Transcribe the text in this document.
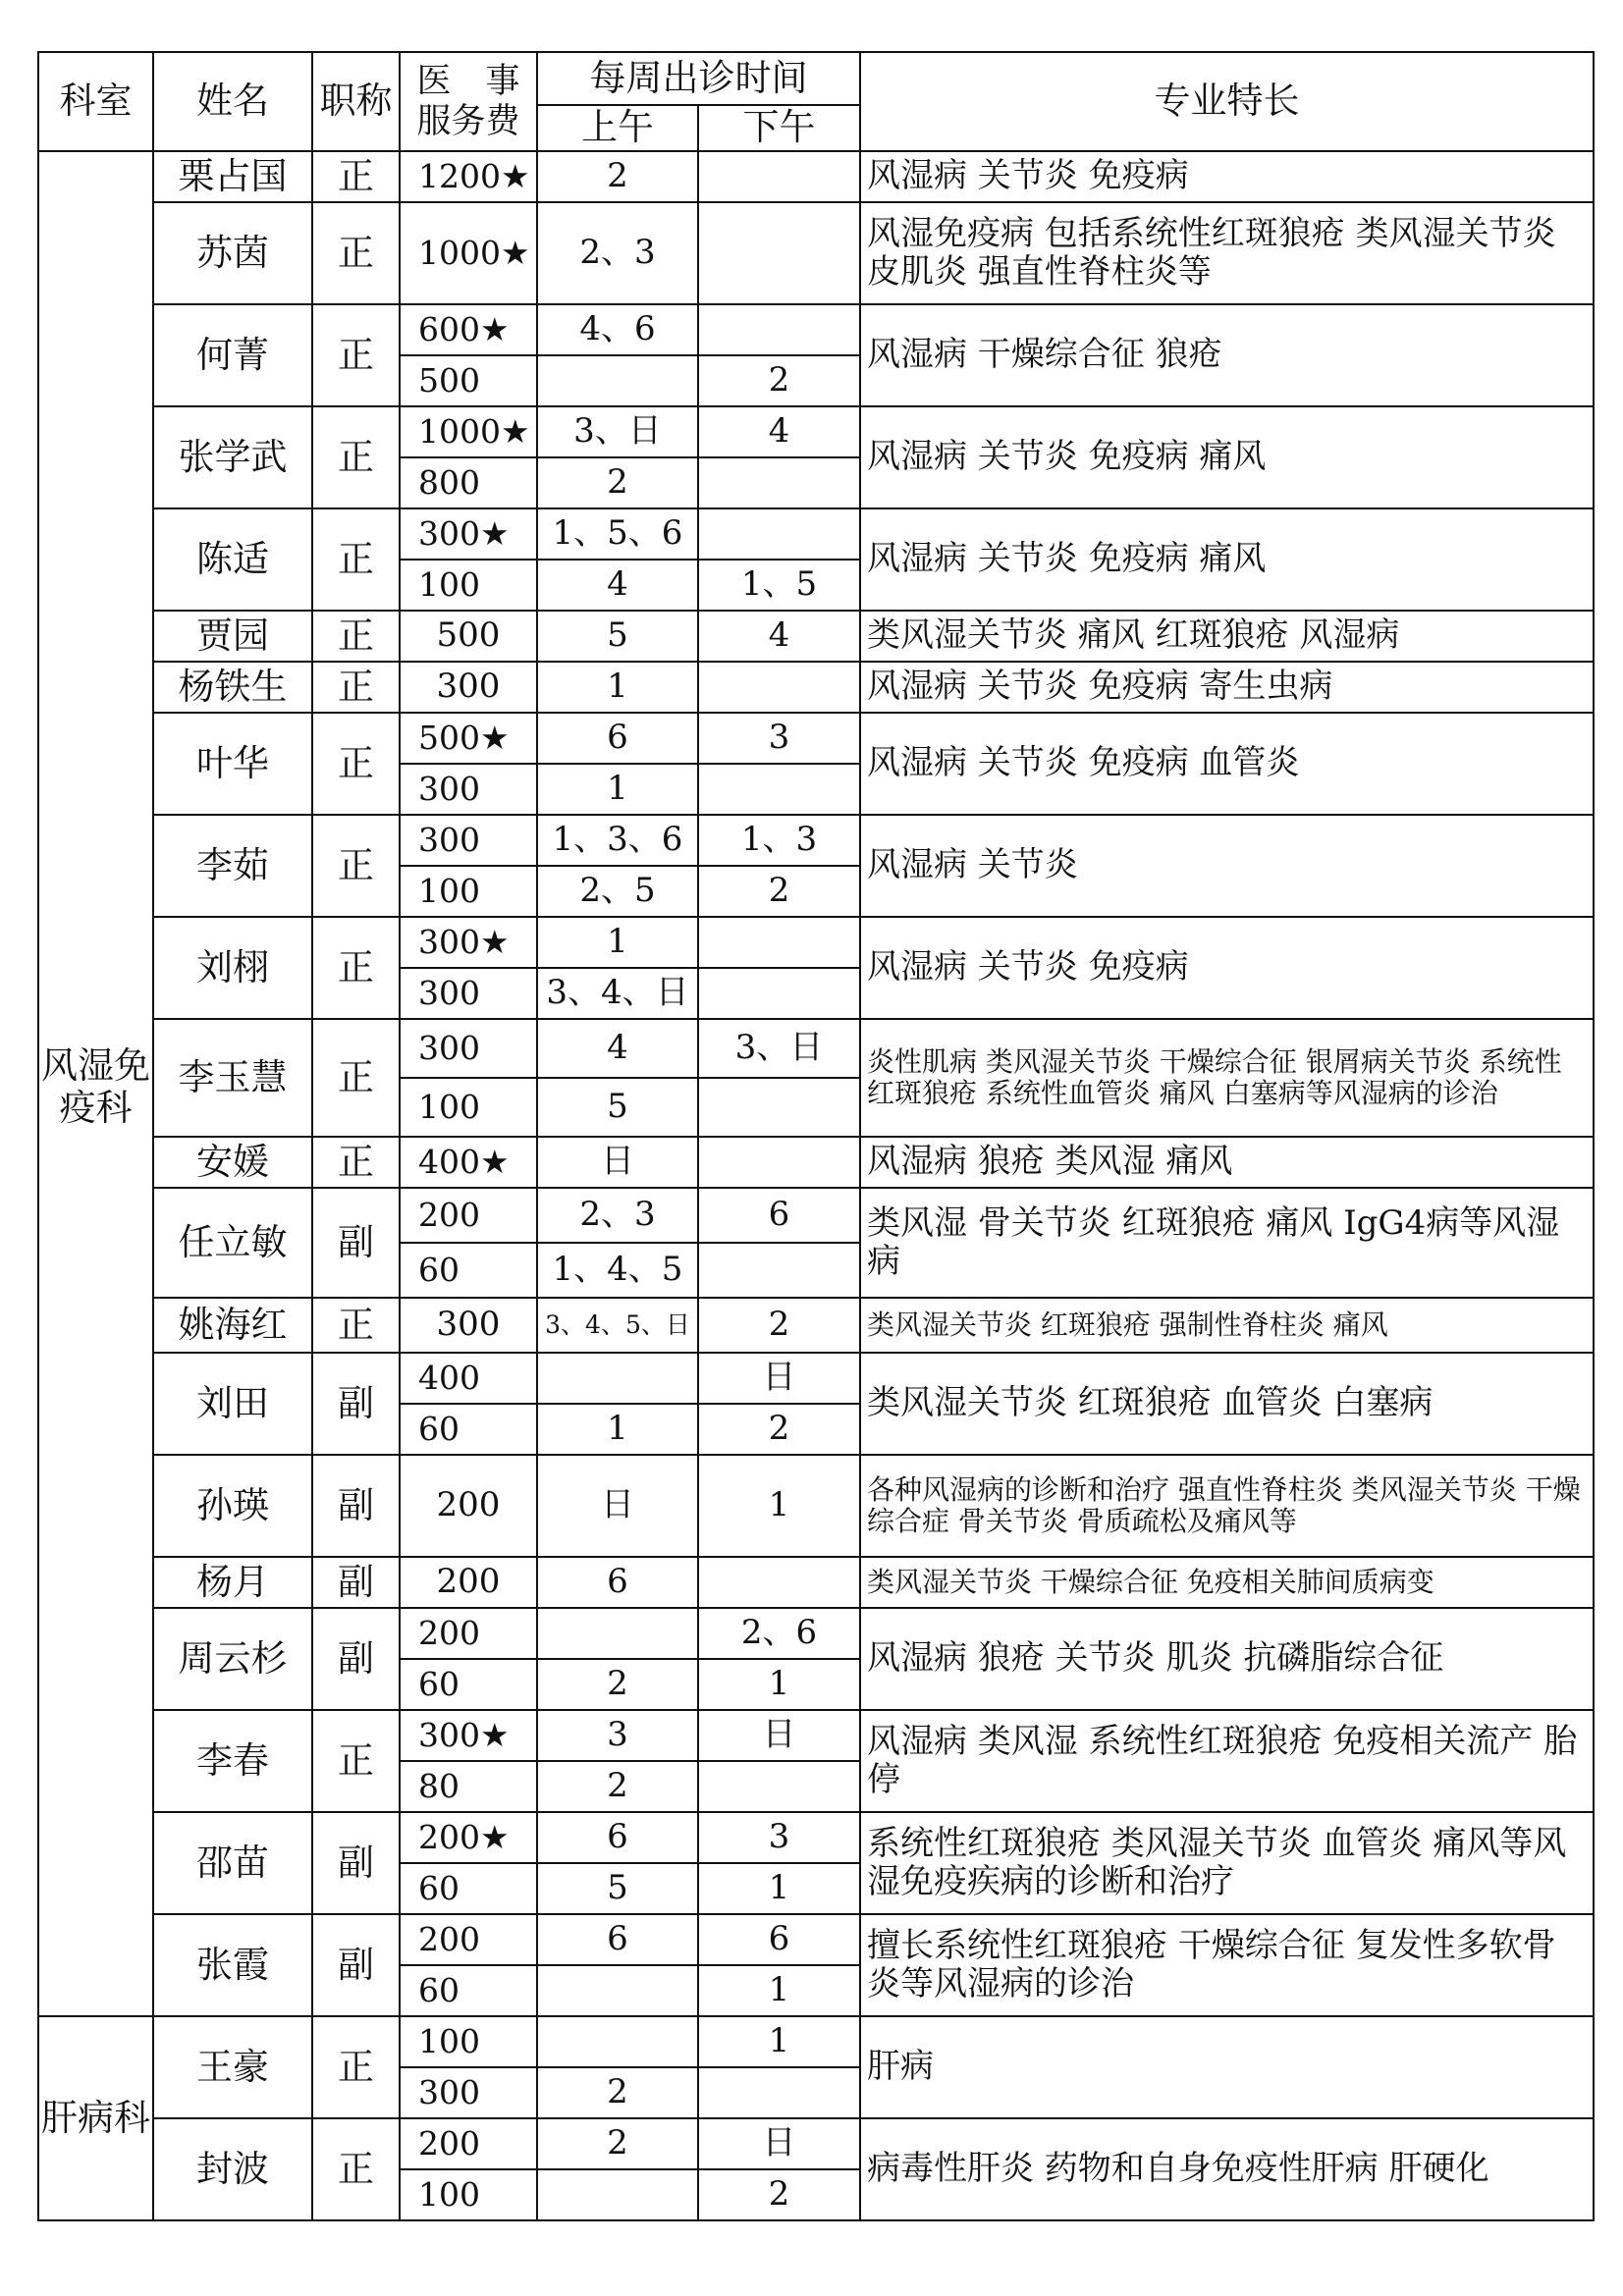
科室	姓名	职称	医　事
服务费	每周出诊时间		专业特长
				上午	下午	
风湿免疫科	栗占国	正	1200★	2		风湿病 关节炎 免疫病
	苏茵	正	1000★	2、3		风湿免疫病 包括系统性红斑狼疮 类风湿关节炎 皮肌炎 强直性脊柱炎等
	何菁	正	600★	4、6		风湿病 干燥综合征 狼疮
			500		2	
	张学武	正	1000★	3、日	4	风湿病 关节炎 免疫病 痛风
			800	2		
	陈适	正	300★	1、5、6		风湿病 关节炎 免疫病 痛风
			100	4	1、5	
	贾园	正	500	5	4	类风湿关节炎 痛风 红斑狼疮 风湿病
	杨铁生	正	300	1		风湿病 关节炎 免疫病 寄生虫病
	叶华	正	500★	6	3	风湿病 关节炎 免疫病 血管炎
			300	1		
	李茹	正	300	1、3、6	1、3	风湿病 关节炎
			100	2、5	2	
	刘栩	正	300★	1		风湿病 关节炎 免疫病
			300	3、4、日		
	李玉慧	正	300	4	3、日	炎性肌病 类风湿关节炎 干燥综合征 银屑病关节炎 系统性红斑狼疮 系统性血管炎 痛风 白塞病等风湿病的诊治
			100	5		
	安媛	正	400★	日		风湿病 狼疮 类风湿 痛风
	任立敏	副	200	2、3	6	类风湿 骨关节炎 红斑狼疮 痛风 IgG4病等风湿病
			60	1、4、5		
	姚海红	正	300	3、4、5、日	2	类风湿关节炎 红斑狼疮 强制性脊柱炎 痛风
	刘田	副	400		日	类风湿关节炎 红斑狼疮 血管炎 白塞病
			60	1	2	
	孙瑛	副	200	日	1	各种风湿病的诊断和治疗 强直性脊柱炎 类风湿关节炎 干燥综合症 骨关节炎 骨质疏松及痛风等
	杨月	副	200	6		类风湿关节炎 干燥综合征 免疫相关肺间质病变
	周云杉	副	200		2、6	风湿病 狼疮 关节炎 肌炎 抗磷脂综合征
			60	2	1	
	李春	正	300★	3	日	风湿病 类风湿 系统性红斑狼疮 免疫相关流产 胎停
			80	2		
	邵苗	副	200★	6	3	系统性红斑狼疮 类风湿关节炎 血管炎 痛风等风湿免疫疾病的诊断和治疗
			60	5	1	
	张霞	副	200	6	6	擅长系统性红斑狼疮 干燥综合征 复发性多软骨炎等风湿病的诊治
			60		1	
肝病科	王豪	正	100		1	肝病
			300	2		
	封波	正	200	2	日	病毒性肝炎 药物和自身免疫性肝病 肝硬化
			100		2	
